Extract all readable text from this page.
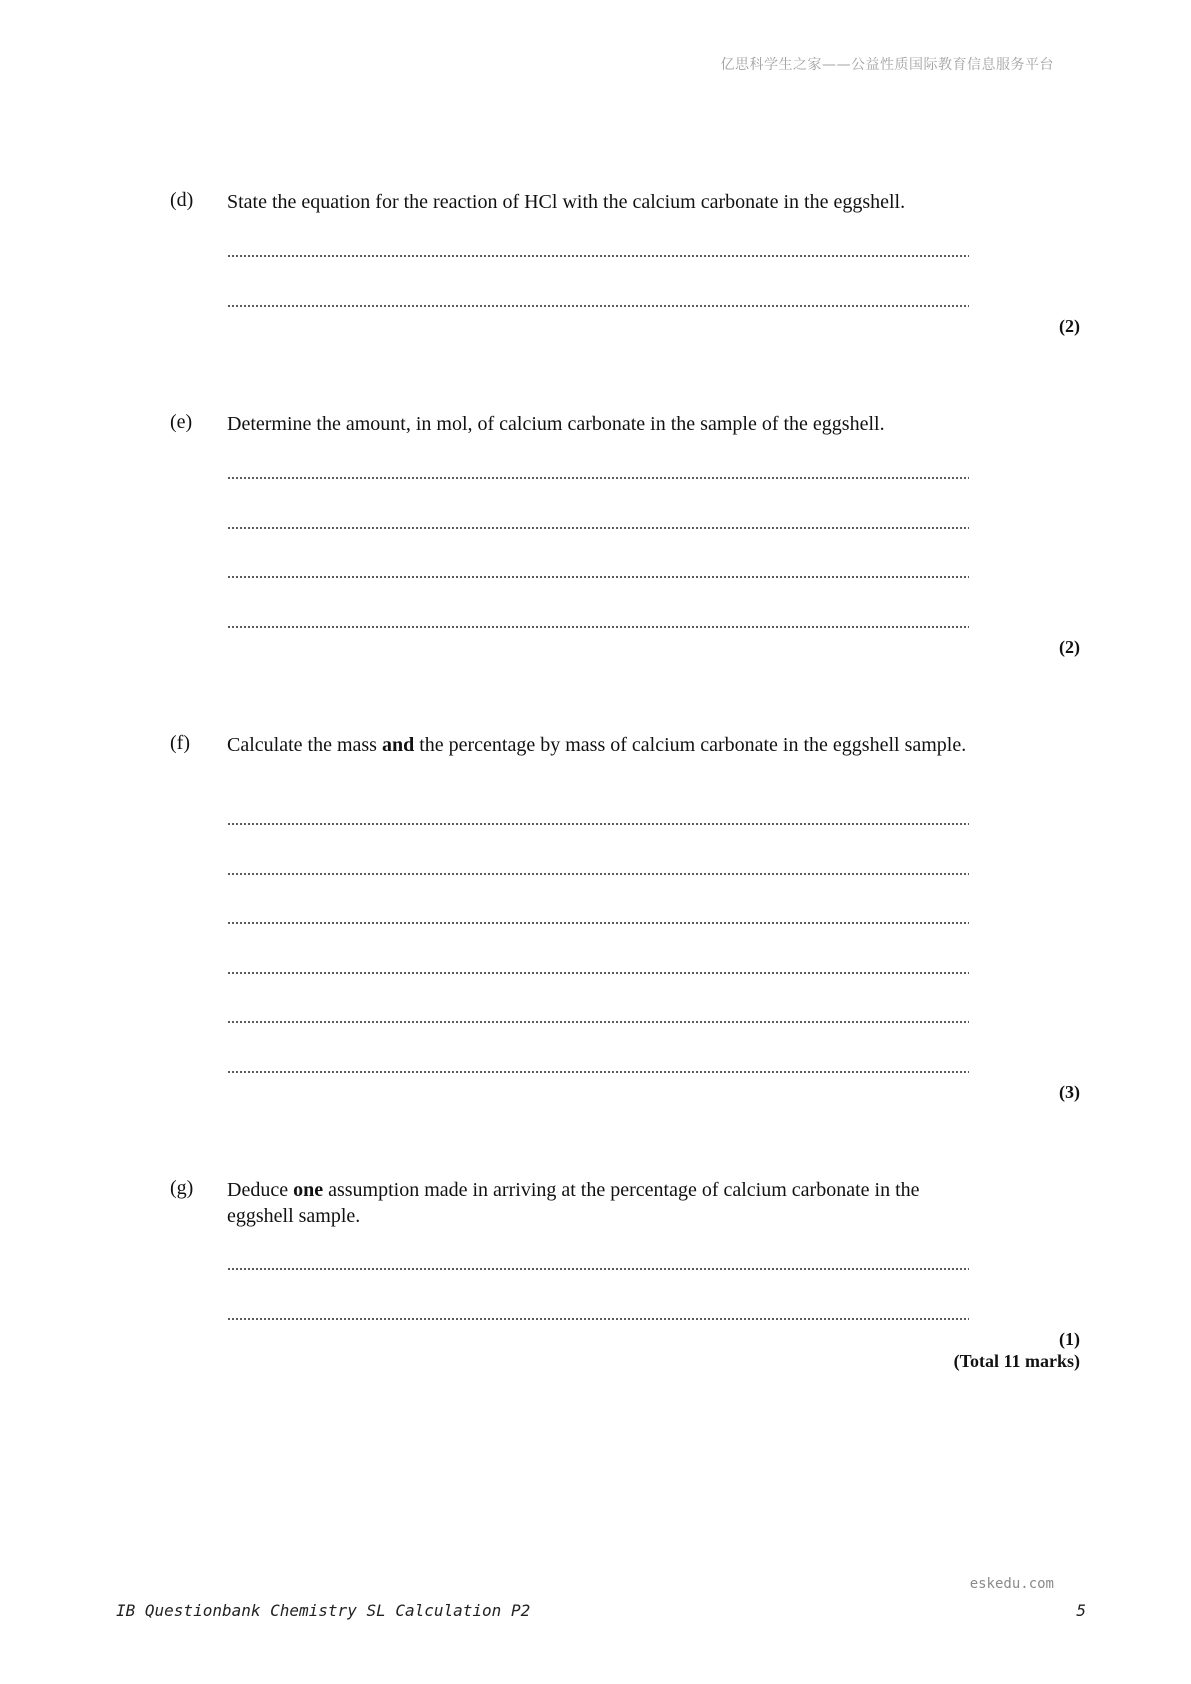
亿思科学生之家——公益性质国际教育信息服务平台
(d) State the equation for the reaction of HCl with the calcium carbonate in the eggshell.
(2)
(e) Determine the amount, in mol, of calcium carbonate in the sample of the eggshell.
(2)
(f) Calculate the mass and the percentage by mass of calcium carbonate in the eggshell sample.
(3)
(g) Deduce one assumption made in arriving at the percentage of calcium carbonate in the eggshell sample.
(1)
(Total 11 marks)
eskedu.com
IB Questionbank Chemistry SL Calculation P2	5
